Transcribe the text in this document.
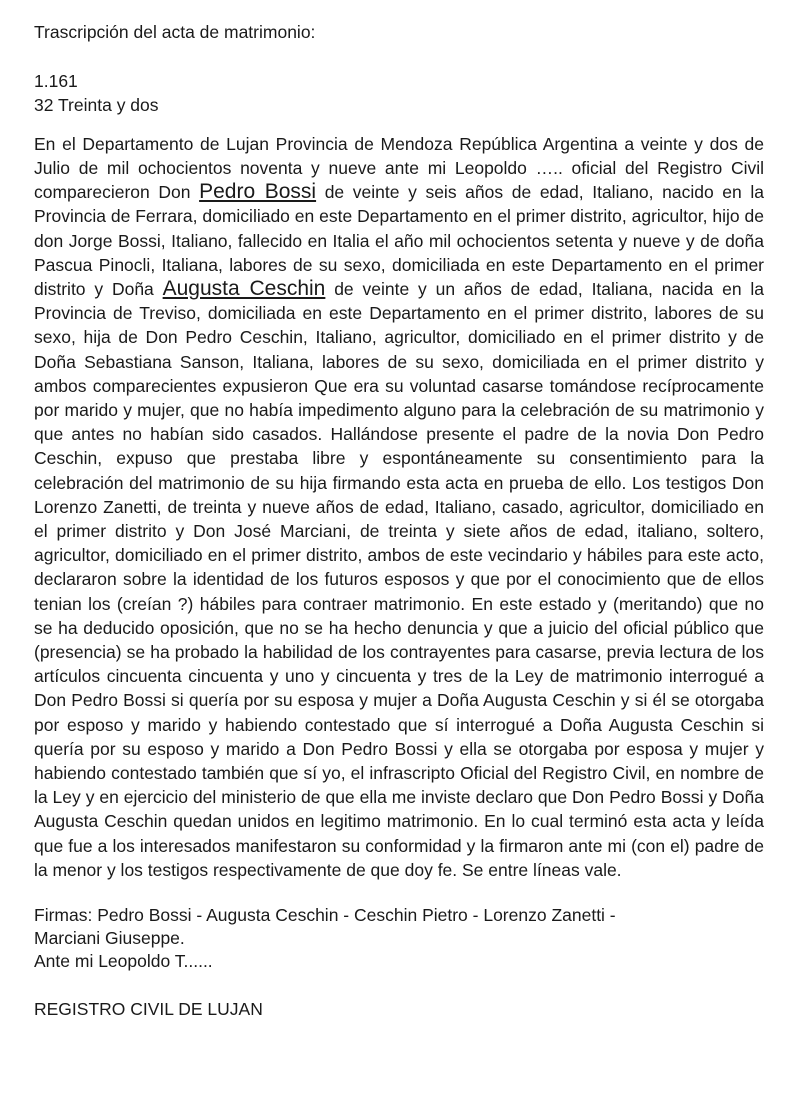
Trascripción del acta de matrimonio:
1.161
32 Treinta y dos
En el Departamento de Lujan Provincia de Mendoza República Argentina a veinte y dos de Julio de mil ochocientos noventa y nueve ante mi Leopoldo ….. oficial del Registro Civil comparecieron Don Pedro Bossi de veinte y seis años de edad, Italiano, nacido en la Provincia de Ferrara, domiciliado en este Departamento en el primer distrito, agricultor, hijo de don Jorge Bossi, Italiano, fallecido en Italia el año mil ochocientos setenta y nueve y de doña Pascua Pinocli, Italiana, labores de su sexo, domiciliada en este Departamento en el primer distrito y Doña Augusta Ceschin de veinte y un años de edad, Italiana, nacida en la Provincia de Treviso, domiciliada en este Departamento en el primer distrito, labores de su sexo, hija de Don Pedro Ceschin, Italiano, agricultor, domiciliado en el primer distrito y de Doña Sebastiana Sanson, Italiana, labores de su sexo, domiciliada en el primer distrito y ambos comparecientes expusieron Que era su voluntad casarse tomándose recíprocamente por marido y mujer, que no había impedimento alguno para la celebración de su matrimonio y que antes no habían sido casados. Hallándose presente el padre de la novia Don Pedro Ceschin, expuso que prestaba libre y espontáneamente su consentimiento para la celebración del matrimonio de su hija firmando esta acta en prueba de ello. Los testigos Don Lorenzo Zanetti, de treinta y nueve años de edad, Italiano, casado, agricultor, domiciliado en el primer distrito y Don José Marciani, de treinta y siete años de edad, italiano, soltero, agricultor, domiciliado en el primer distrito, ambos de este vecindario y hábiles para este acto, declararon sobre la identidad de los futuros esposos y que por el conocimiento que de ellos tenian los (creían ?) hábiles para contraer matrimonio. En este estado y (meritando) que no se ha deducido oposición, que no se ha hecho denuncia y que a juicio del oficial público que (presencia) se ha probado la habilidad de los contrayentes para casarse, previa lectura de los artículos cincuenta cincuenta y uno y cincuenta y tres de la Ley de matrimonio interrogué a Don Pedro Bossi si quería por su esposa y mujer a Doña Augusta Ceschin y si él se otorgaba por esposo y marido y habiendo contestado que sí interrogué a Doña Augusta Ceschin si quería por su esposo y marido a Don Pedro Bossi y ella se otorgaba por esposa y mujer y habiendo contestado también que sí yo, el infrascripto Oficial del Registro Civil, en nombre de la Ley y en ejercicio del ministerio de que ella me inviste declaro que Don Pedro Bossi y Doña Augusta Ceschin quedan unidos en legitimo matrimonio. En lo cual terminó esta acta y leída que fue a los interesados manifestaron su conformidad y la firmaron ante mi (con el) padre de la menor y los testigos respectivamente de que doy fe. Se entre líneas vale.
Firmas: Pedro Bossi - Augusta Ceschin - Ceschin Pietro - Lorenzo Zanetti -
Marciani Giuseppe.
Ante mi Leopoldo T......
REGISTRO CIVIL DE LUJAN
